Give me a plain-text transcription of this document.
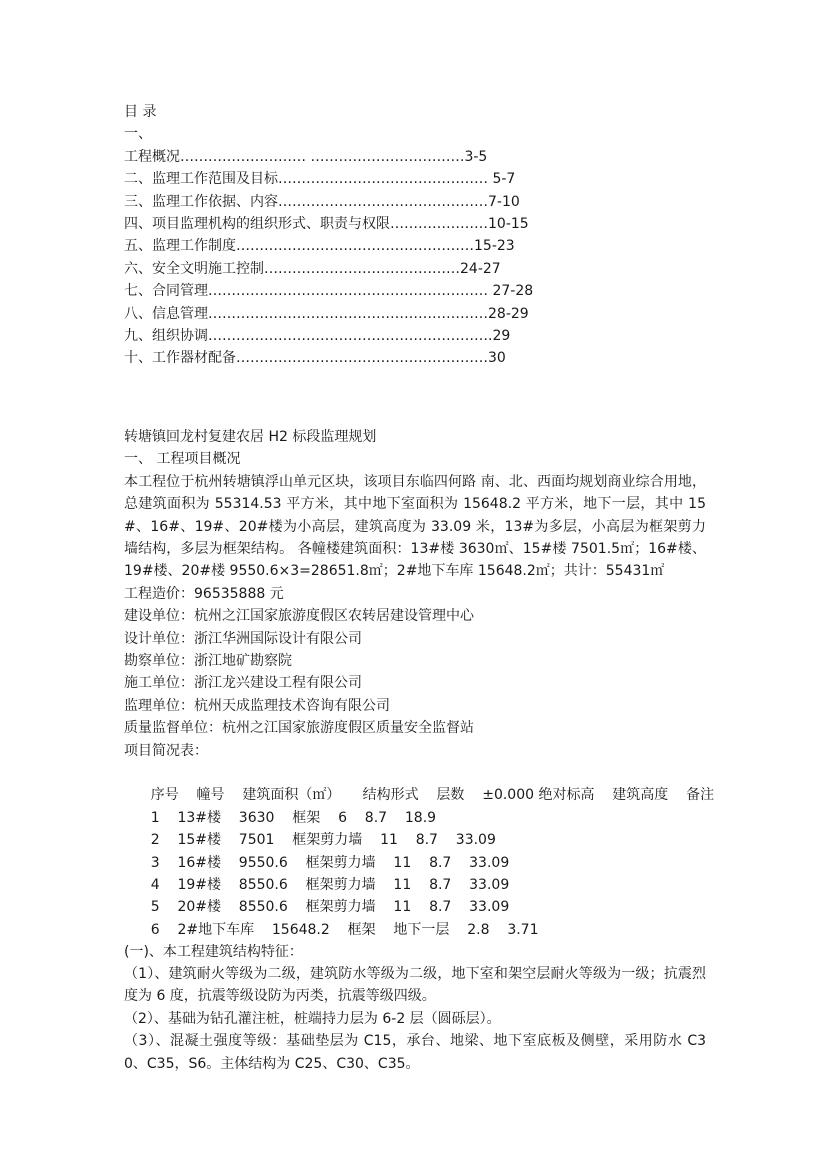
目 录
一、
工程概况……………………… ……………………………3-5
二、监理工作范围及目标……………………………………… 5-7
三、监理工作依据、内容………………………………………7-10
四、项目监理机构的组织形式、职责与权限…………………10-15
五、监理工作制度……………………………………………15-23
六、安全文明施工控制……………………………………24-27
七、合同管理…………………………………………………… 27-28
八、信息管理……………………………………………………28-29
九、组织协调…………………………………………………….29
十、工作器材配备………………………………………………30
转塘镇回龙村复建农居 H2 标段监理规划
一、 工程项目概况
本工程位于杭州转塘镇浮山单元区块，该项目东临四何路 南、北、西面均规划商业综合用地，总建筑面积为 55314.53 平方米，其中地下室面积为 15648.2 平方米，地下一层，其中 15#、16#、19#、20#楼为小高层，建筑高度为 33.09 米，13#为多层，小高层为框架剪力墙结构，多层为框架结构。 各幢楼建筑面积：13#楼 3630㎡、15#楼 7501.5㎡；16#楼、19#楼、20#楼 9550.6×3=28651.8㎡；2#地下车库 15648.2㎡；共计：55431㎡
工程造价：96535888 元
建设单位：杭州之江国家旅游度假区农转居建设管理中心
设计单位：浙江华洲国际设计有限公司
勘察单位：浙江地矿勘察院
施工单位：浙江龙兴建设工程有限公司
监理单位：杭州天成监理技术咨询有限公司
质量监督单位：杭州之江国家旅游度假区质量安全监督站
项目简况表：

序号 幢号 建筑面积（㎡） 结构形式 层数 ±0.000 绝对标高 建筑高度 备注

1 13#楼 3630 框架 6 8.7 18.9

2 15#楼 7501 框架剪力墙 11 8.7 33.09

3 16#楼 9550.6 框架剪力墙 11 8.7 33.09

4 19#楼 8550.6 框架剪力墙 11 8.7 33.09

5 20#楼 8550.6 框架剪力墙 11 8.7 33.09

6 2#地下车库 15648.2 框架 地下一层 2.8 3.71

(一)、本工程建筑结构特征：
（1）、建筑耐火等级为二级，建筑防水等级为二级，地下室和架空层耐火等级为一级；抗震烈度为 6 度，抗震等级设防为丙类，抗震等级四级。
（2）、基础为钻孔灌注桩，桩端持力层为 6-2 层（圆砾层）。
（3）、混凝土强度等级：基础垫层为 C15，承台、地梁、地下室底板及侧壁，采用防水 C30、C35，S6。主体结构为 C25、C30、C35。
